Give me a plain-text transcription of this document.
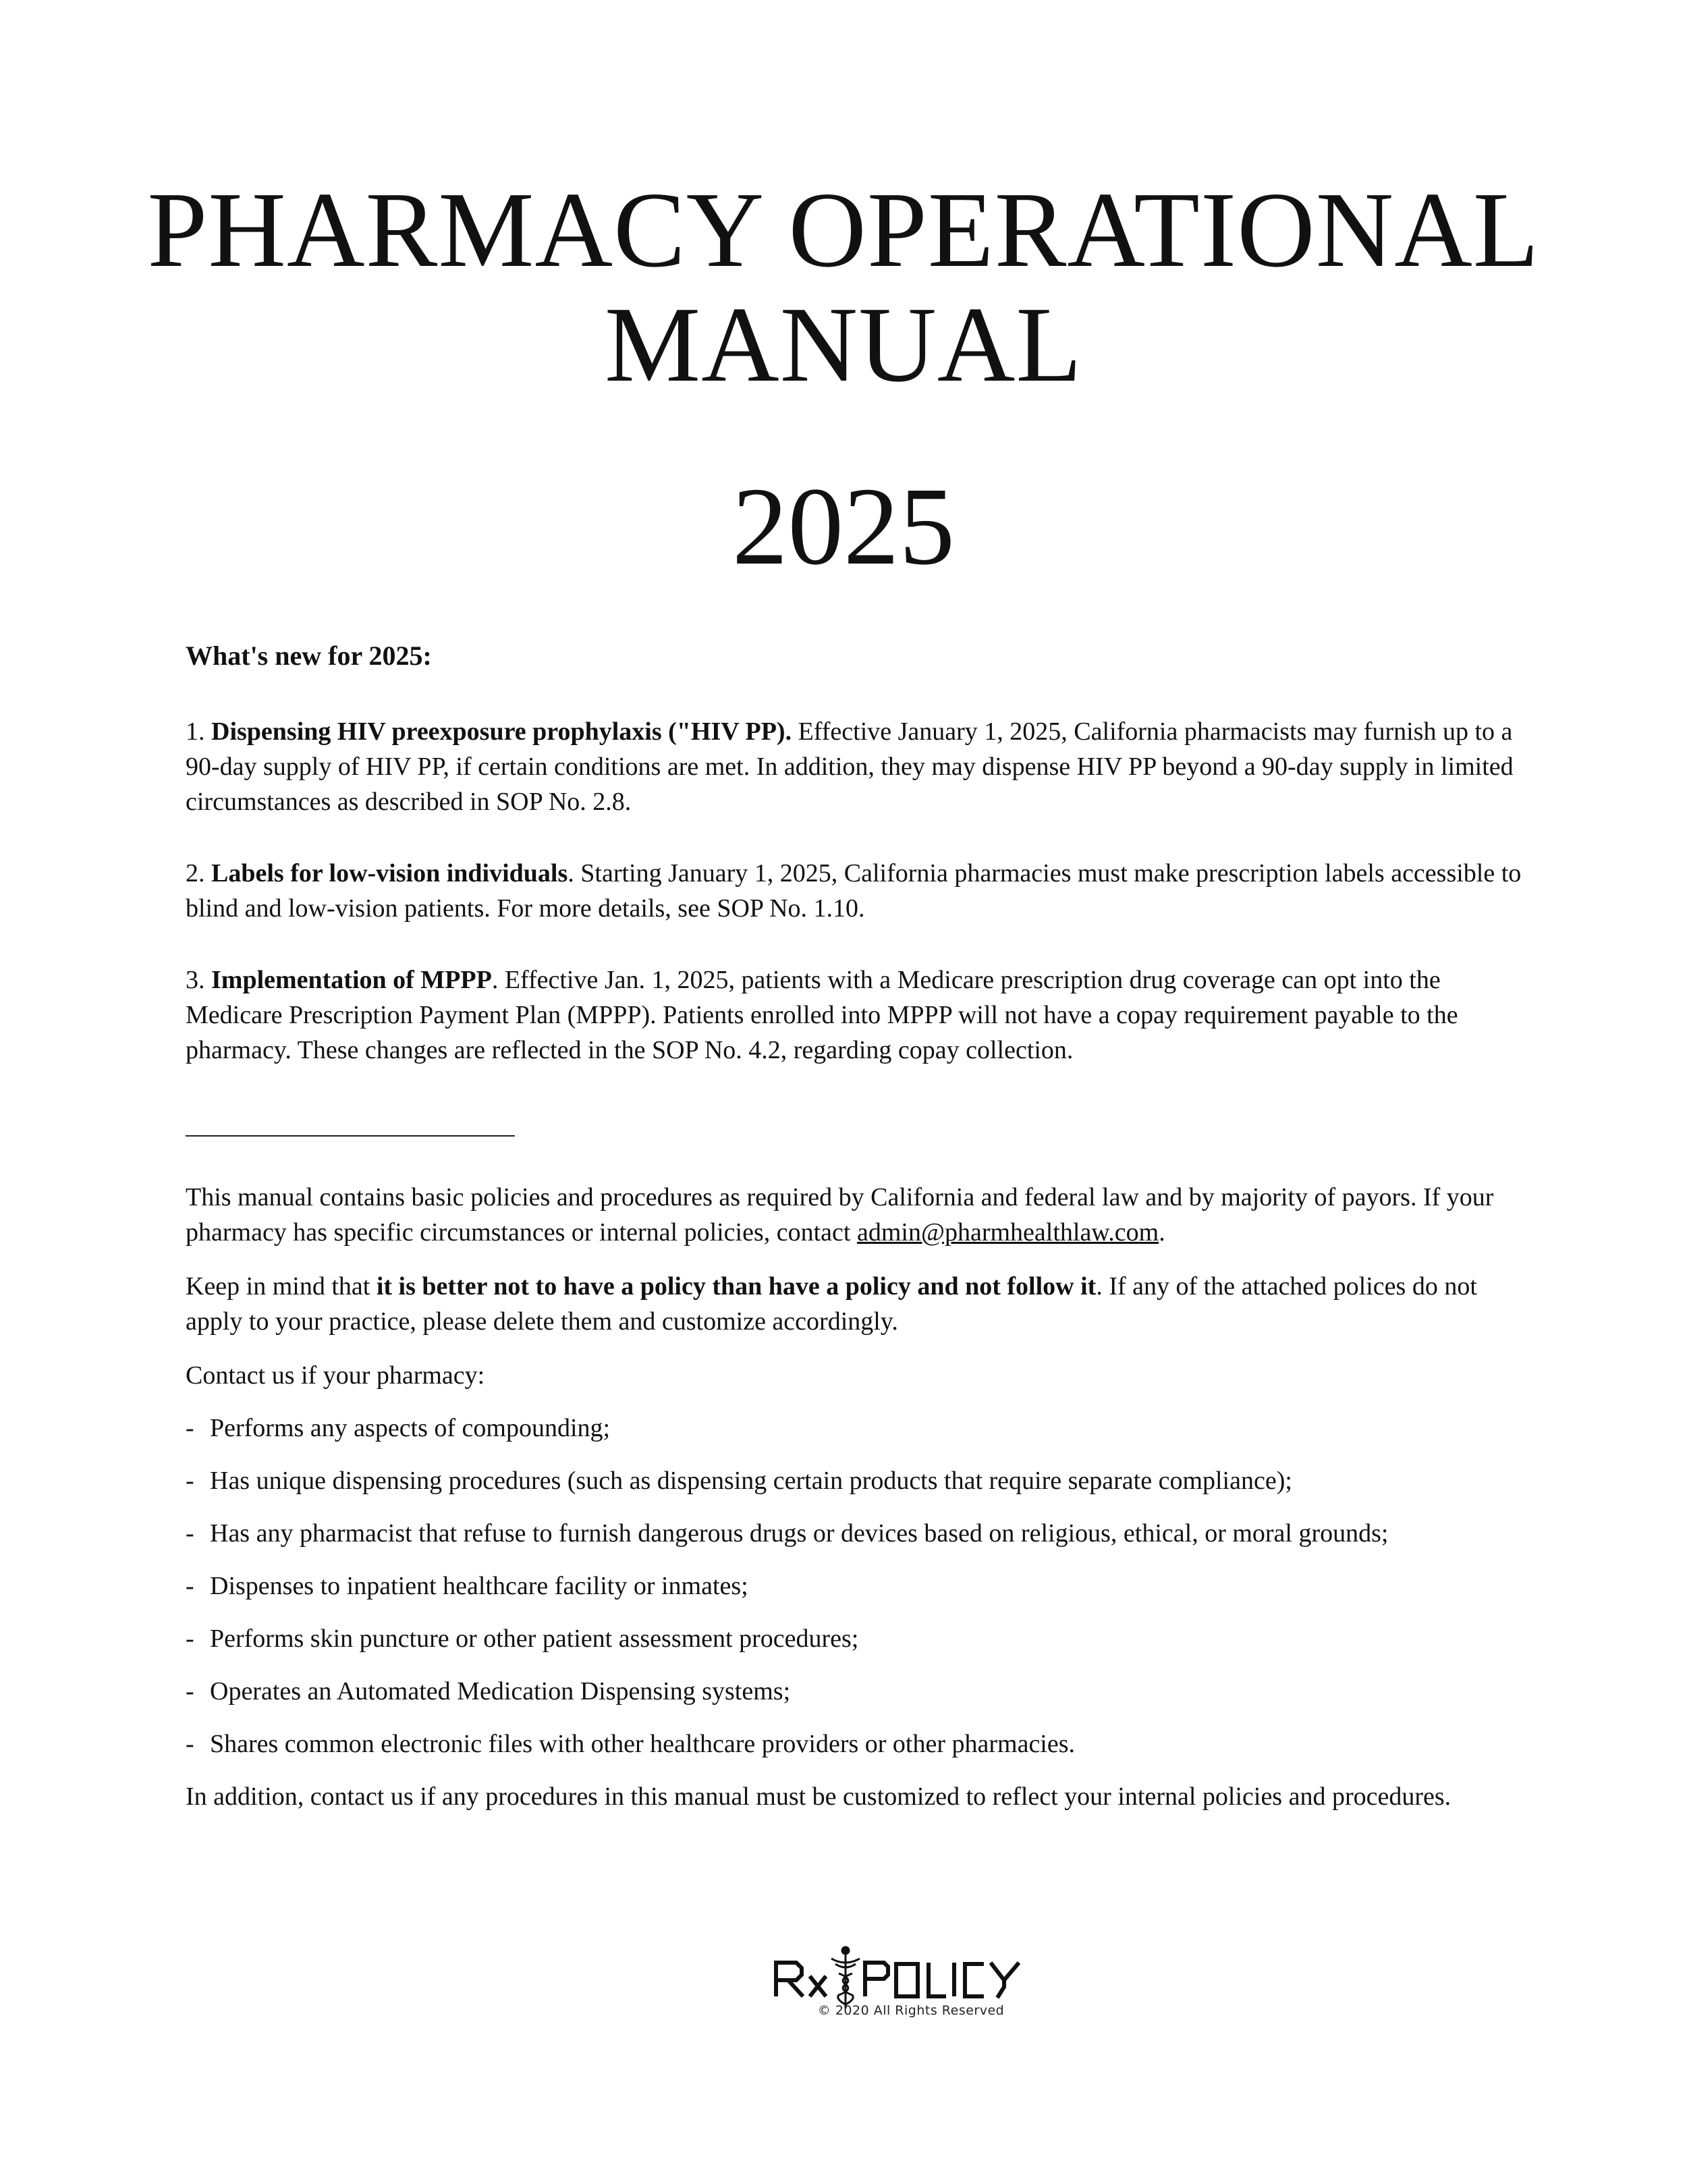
PHARMACY OPERATIONAL
MANUAL
2025
What's new for 2025:

1. Dispensing HIV preexposure prophylaxis ("HIV PP). Effective January 1, 2025, California pharmacists may furnish up to a 90-day supply of HIV PP, if certain conditions are met. In addition, they may dispense HIV PP beyond a 90-day supply in limited circumstances as described in SOP No. 2.8.

2. Labels for low-vision individuals. Starting January 1, 2025, California pharmacies must make prescription labels accessible to blind and low-vision patients. For more details, see SOP No. 1.10.

3. Implementation of MPPP. Effective Jan. 1, 2025, patients with a Medicare prescription drug coverage can opt into the Medicare Prescription Payment Plan (MPPP). Patients enrolled into MPPP will not have a copay requirement payable to the pharmacy. These changes are reflected in the SOP No. 4.2, regarding copay collection.

This manual contains basic policies and procedures as required by California and federal law and by majority of payors. If your pharmacy has specific circumstances or internal policies, contact admin@pharmhealthlaw.com.

Keep in mind that it is better not to have a policy than have a policy and not follow it. If any of the attached polices do not apply to your practice, please delete them and customize accordingly.

Contact us if your pharmacy:
- Performs any aspects of compounding;
- Has unique dispensing procedures (such as dispensing certain products that require separate compliance);
- Has any pharmacist that refuse to furnish dangerous drugs or devices based on religious, ethical, or moral grounds;
- Dispenses to inpatient healthcare facility or inmates;
- Performs skin puncture or other patient assessment procedures;
- Operates an Automated Medication Dispensing systems;
- Shares common electronic files with other healthcare providers or other pharmacies.
In addition, contact us if any procedures in this manual must be customized to reflect your internal policies and procedures.
© 2020 All Rights Reserved
